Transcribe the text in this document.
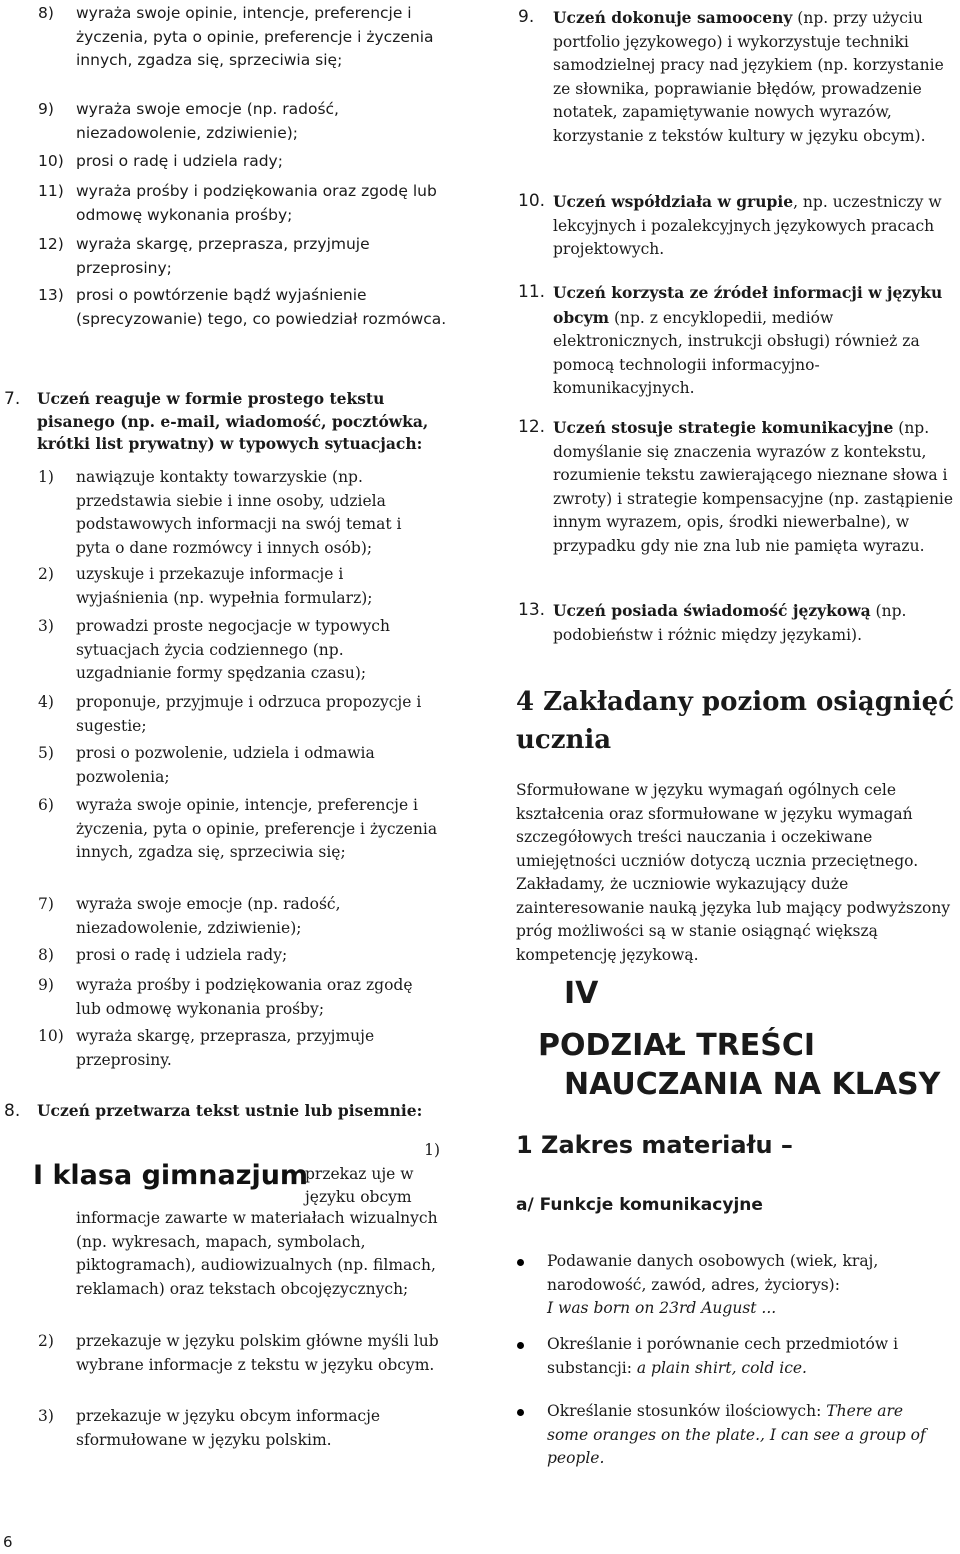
8) wyraża swoje opinie, intencje, preferencje i życzenia, pyta o opinie, preferencje i życzenia innych, zgadza się, sprzeciwia się;
9) wyraża swoje emocje (np. radość, niezadowolenie, zdziwienie);
10) prosi o radę i udziela rady;
11) wyraża prośby i podziękowania oraz zgodę lub odmowę wykonania prośby;
12) wyraża skargę, przeprasza, przyjmuje przeprosiny;
13) prosi o powtórzenie bądź wyjaśnienie (sprecyzowanie) tego, co powiedział rozmówca.
7. Uczeń reaguje w formie prostego tekstu pisanego (np. e-mail, wiadomość, pocztówka, krótki list prywatny) w typowych sytuacjach:
1) nawiązuje kontakty towarzyskie (np. przedstawia siebie i inne osoby, udziela podstawowych informacji na swój temat i pyta o dane rozmówcy i innych osób);
2) uzyskuje i przekazuje informacje i wyjaśnienia (np. wypełnia formularz);
3) prowadzi proste negocjacje w typowych sytuacjach życia codziennego (np. uzgadnianie formy spędzania czasu);
4) proponuje, przyjmuje i odrzuca propozycje i sugestie;
5) prosi o pozwolenie, udziela i odmawia pozwolenia;
6) wyraża swoje opinie, intencje, preferencje i życzenia, pyta o opinie, preferencje i życzenia innych, zgadza się, sprzeciwia się;
7) wyraża swoje emocje (np. radość, niezadowolenie, zdziwienie);
8) prosi o radę i udziela rady;
9) wyraża prośby i podziękowania oraz zgodę lub odmowę wykonania prośby;
10) wyraża skargę, przeprasza, przyjmuje przeprosiny.
8. Uczeń przetwarza tekst ustnie lub pisemnie:
I klasa gimnazjum
1)
przekaz uje w języku obcym
informacje zawarte w materiałach wizualnych (np. wykresach, mapach, symbolach, piktogramach), audiowizualnych (np. filmach, reklamach) oraz tekstach obcojęzycznych;
2) przekazuje w języku polskim główne myśli lub wybrane informacje z tekstu w języku obcym.
3) przekazuje w języku obcym informacje sformułowane w języku polskim.
9. Uczeń dokonuje samooceny (np. przy użyciu portfolio językowego) i wykorzystuje techniki samodzielnej pracy nad językiem (np. korzystanie ze słownika, poprawianie błędów, prowadzenie notatek, zapamiętywanie nowych wyrazów, korzystanie z tekstów kultury w języku obcym).
10. Uczeń współdziała w grupie, np. uczestniczy w lekcyjnych i pozalekcyjnych językowych pracach projektowych.
11. Uczeń korzysta ze źródeł informacji w języku obcym (np. z encyklopedii, mediów elektronicznych, instrukcji obsługi) również za pomocą technologii informacyjno-komunikacyjnych.
12. Uczeń stosuje strategie komunikacyjne (np. domyślanie się znaczenia wyrazów z kontekstu, rozumienie tekstu zawierającego nieznane słowa i zwroty) i strategie kompensacyjne (np. zastąpienie innym wyrazem, opis, środki niewerbalne), w przypadku gdy nie zna lub nie pamięta wyrazu.
13. Uczeń posiada świadomość językową (np. podobieństw i różnic między językami).
4 Zakładany poziom osiągnięć ucznia
Sformułowane w języku wymagań ogólnych cele kształcenia oraz sformułowane w języku wymagań szczegółowych treści nauczania i oczekiwane umiejętności uczniów dotyczą ucznia przeciętnego. Zakładamy, że uczniowie wykazujący duże zainteresowanie nauką języka lub mający podwyższony próg możliwości są w stanie osiągnąć większą kompetencję językową.
IV
PODZIAŁ TREŚCI
NAUCZANIA NA KLASY
1 Zakres materiału –
a/ Funkcje komunikacyjne
Podawanie danych osobowych (wiek, kraj, narodowość, zawód, adres, życiorys):
I was born on 23rd August ...
Określanie i porównanie cech przedmiotów i substancji: a plain shirt, cold ice.
Określanie stosunków ilościowych: There are some oranges on the plate., I can see a group of people.
6
